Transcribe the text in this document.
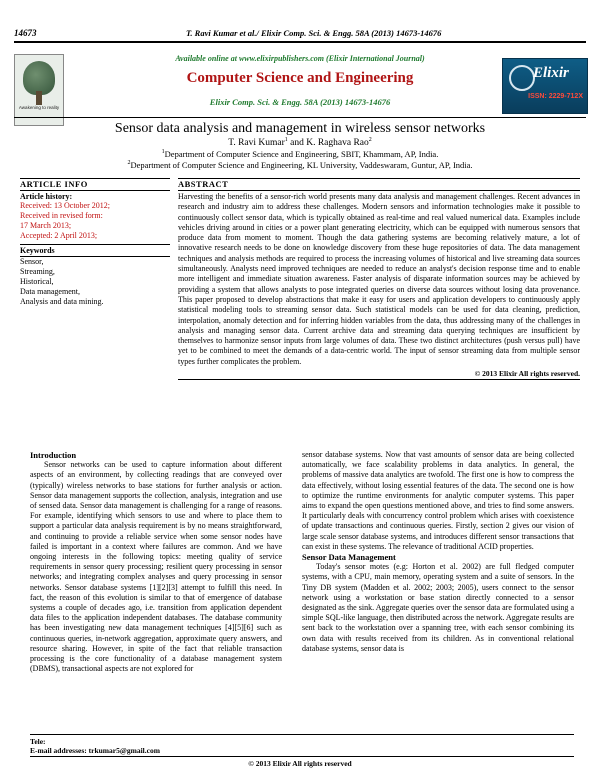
14673	T. Ravi Kumar et al./ Elixir Comp. Sci. & Engg. 58A (2013) 14673-14676
Awakening to reality
Available online at www.elixirpublishers.com (Elixir International Journal)
Computer Science and Engineering
Elixir Comp. Sci. & Engg. 58A (2013) 14673-14676
Elixir
ISSN: 2229-712X
Sensor data analysis and management in wireless sensor networks
T. Ravi Kumar$^1$ and K. Raghava Rao$^2$
$^1$Department of Computer Science and Engineering, SBIT, Khammam, AP, India.
$^2$Department of Computer Science and Engineering, KL University, Vaddeswaram, Guntur, AP, India.
ARTICLE INFO
Article history:
Received: 13 October 2012;
Received in revised form:
17 March 2013;
Accepted: 2 April 2013;
Keywords
Sensor,
Streaming,
Historical,
Data management,
Analysis and data mining.
ABSTRACT

Harvesting the benefits of a sensor-rich world presents many data analysis and management challenges. Recent advances in research and industry aim to address these challenges. Modern sensors and information technologies make it possible to continuously collect sensor data, which is typically obtained as real-time and real valued numerical data. Examples include vehicles driving around in cities or a power plant generating electricity, which can be equipped with numerous sensors that produce data from moment to moment. Though the data gathering systems are becoming relatively mature, a lot of innovative research needs to be done on knowledge discovery from these huge repositories of data. The data management techniques and analysis methods are required to process the increasing volumes of historical and live streaming data sources simultaneously. Analysts need improved techniques are needed to reduce an analyst's decision response time and to enable more intelligent and immediate situation awareness. Faster analysis of disparate information sources may be achieved by providing a system that allows analysts to pose integrated queries on diverse data sources without losing data provenance. This paper proposed to develop abstractions that make it easy for users and application developers to continuously apply statistical modeling tools to streaming sensor data. Such statistical models can be used for data cleaning, prediction, interpolation, anomaly detection and for inferring hidden variables from the data, thus addressing many of the challenges in analysis and managing sensor data. Current archive data and streaming data querying techniques are insufficient by themselves to harmonize sensor inputs from large volumes of data. These two distinct architectures (push versus pull) have yet to be combined to meet the demands of a data-centric world. The input of sensor streaming data from multiple sensor types further complicates the problem.

© 2013 Elixir All rights reserved.

Introduction

Sensor networks can be used to capture information about different aspects of an environment, by collecting readings that are conveyed over (typically) wireless networks to base stations for further analysis or action. Sensor data management supports the collection, analysis, integration and use of sensed data. Sensor data management is challenging for a range of reasons. For example, identifying which sensors to use and where to place them to support a particular data analysis requirement is by no means straightforward, and continuing to provide a reliable service when some sensor nodes have failed is important in a context where failures are common. And we have ongoing interests in the following topics: meeting quality of service requirements in sensor query processing; resilient query processing in sensor networks; and integrating complex analyses and query processing in sensor networks. Sensor database systems [1][2][3] attempt to fulfill this need. In fact, the reason of this evolution is similar to that of emergence of database systems a couple of decades ago, i.e. transition from application dependent data files to the application independent databases. The database community has been investigating new data management techniques [4][5][6] such as continuous queries, in-network aggregation, approximate query answers, and resource sharing. However, in spite of the fact that reliable transaction processing is the core functionality of a database management system (DBMS), transactional aspects are not explored for

sensor database systems. Now that vast amounts of sensor data are being collected automatically, we face scalability problems in data analytics. In general, the problems of massive data analytics are twofold. The first one is how to compress the data effectively, without losing essential features of the data. The second one is how to optimize the runtime environments for analytic computer systems. This paper aims to expand the open questions mentioned above, and tries to find some answers. It particularly deals with concurrency control problem which arises with coexistence of update transactions and continuous queries. Firstly, section 2 gives our vision of large scale sensor database systems, and introduces different sensor transactions that can exist in these systems. The relevance of traditional ACID properties.

Sensor Data Management

Today's sensor motes (e.g: Horton et al. 2002) are full fledged computer systems, with a CPU, main memory, operating system and a suite of sensors. In the Tiny DB system (Madden et al. 2002; 2003; 2005), users connect to the sensor network using a workstation or base station directly connected to a sensor designated as the sink. Aggregate queries over the sensor data are formulated using a simple SQL-like language, then distributed across the network. Aggregate results are sent back to the workstation over a spanning tree, with each sensor combining its own data with results received from its children. As in conventional relational database systems, sensor data is

Tele:
E-mail addresses: trkumar5@gmail.com
© 2013 Elixir All rights reserved
